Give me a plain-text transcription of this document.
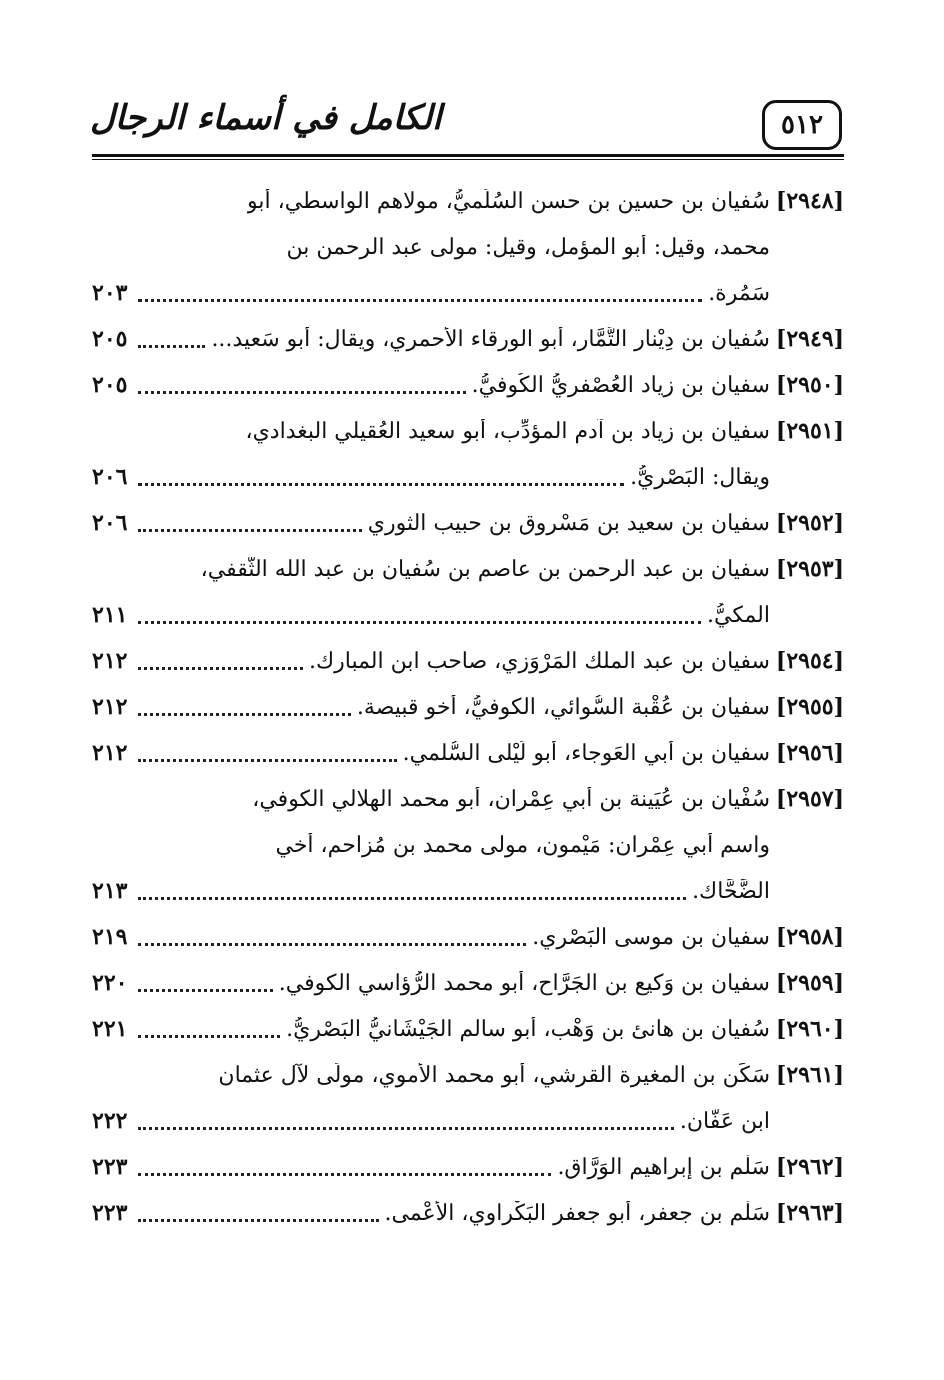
٥١٢
الكامل في أسماء الرجال
[٢٩٤٨]
سُفيان بن حسين بن حسن السُلَميُّ، مولاهم الواسطي، أبو
محمد، وقيل: أبو المؤمل، وقيل: مولى عبد الرحمن بن
سَمُرة.
٢٠٣
[٢٩٤٩]
سُفيان بن دِيْنار التَّمَّار، أبو الورقاء الأحمري، ويقال: أبو سَعيد...
٢٠٥
[٢٩٥٠]
سفيان بن زياد العُصْفريُّ الكُوفيُّ.
٢٠٥
[٢٩٥١]
سفيان بن زياد بن آدم المؤدِّب، أبو سعيد العُقيلي البغدادي،
ويقال: البَصْريُّ.
٢٠٦
[٢٩٥٢]
سفيان بن سعيد بن مَسْروق بن حبيب الثوري
٢٠٦
[٢٩٥٣]
سفيان بن عبد الرحمن بن عاصم بن سُفيان بن عبد الله الثَّقفي،
المكيُّ.
٢١١
[٢٩٥٤]
سفيان بن عبد الملك المَرْوَزي، صاحب ابن المبارك.
٢١٢
[٢٩٥٥]
سفيان بن عُقْبة السُّوائي، الكوفيُّ، أخو قبيصة.
٢١٢
[٢٩٥٦]
سفيان بن أبي العَوجاء، أبو لَيْلى السُّلمي.
٢١٢
[٢٩٥٧]
سُفْيان بن عُيَينة بن أبي عِمْران، أبو محمد الهلالي الكوفي،
واسم أبي عِمْران: مَيْمون، مولى محمد بن مُزاحم، أخي
الضَّحَّاك.
٢١٣
[٢٩٥٨]
سفيان بن موسى البَصْري.
٢١٩
[٢٩٥٩]
سفيان بن وَكيع بن الجَرَّاح، أبو محمد الرُّؤاسي الكوفي.
٢٢٠
[٢٩٦٠]
سُفيان بن هانئ بن وَهْب، أبو سالم الجَيْشَانيُّ البَصْريُّ.
٢٢١
[٢٩٦١]
سَكَن بن المغيرة القرشي، أبو محمد الأُموي، مولًى لآل عثمان
ابن عَفَّان.
٢٢٢
[٢٩٦٢]
سَلْم بن إبراهيم الوَرَّاق.
٢٢٣
[٢٩٦٣]
سَلْم بن جعفر، أبو جعفر البَكْراوي، الأَعْمى.
٢٢٣
